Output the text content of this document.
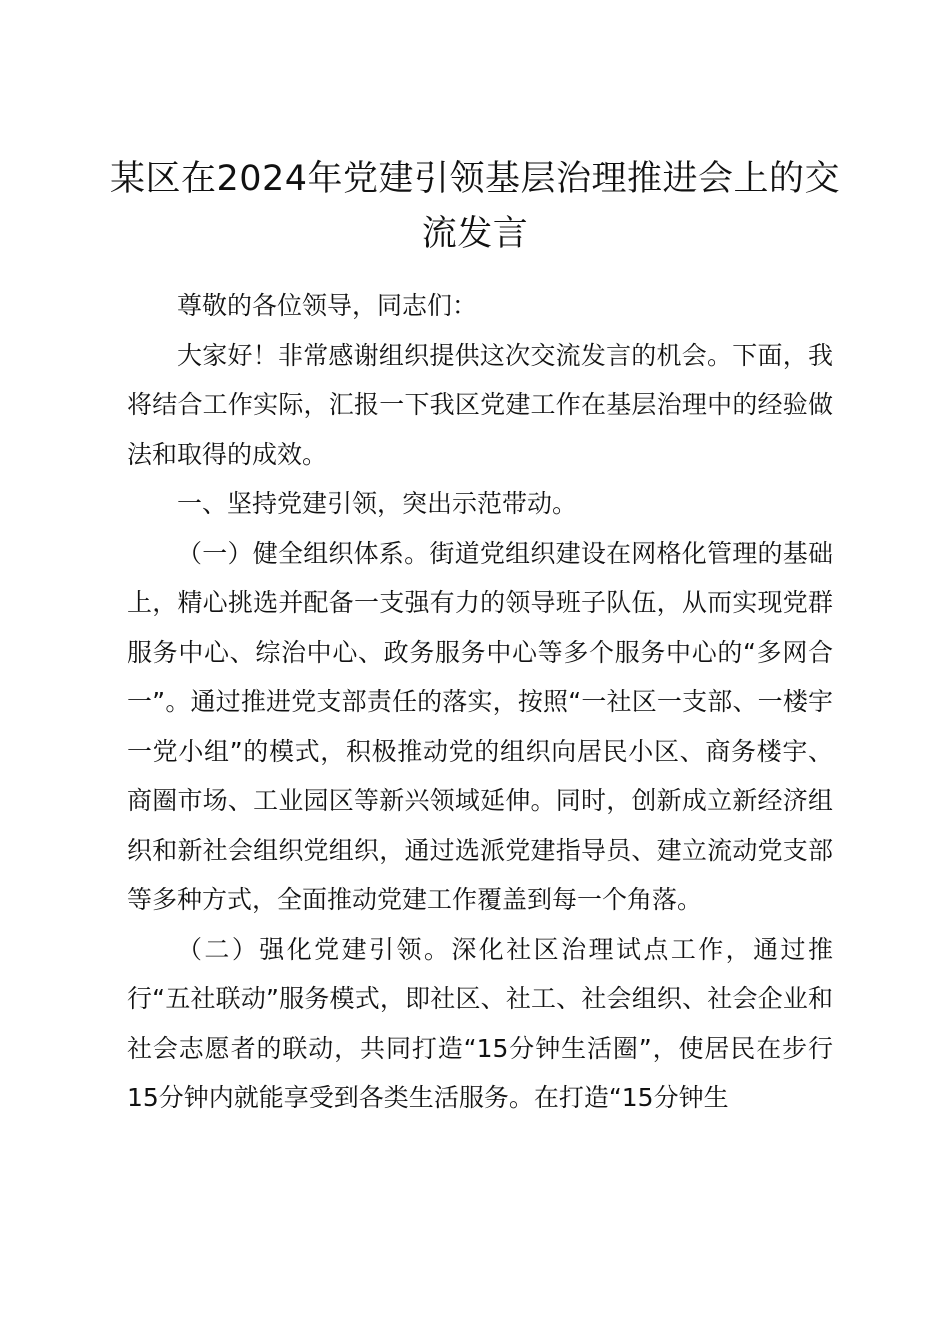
某区在2024年党建引领基层治理推进会上的交流发言

尊敬的各位领导，同志们：

大家好！非常感谢组织提供这次交流发言的机会。下面，我将结合工作实际，汇报一下我区党建工作在基层治理中的经验做法和取得的成效。

一、坚持党建引领，突出示范带动。

（一）健全组织体系。街道党组织建设在网格化管理的基础上，精心挑选并配备一支强有力的领导班子队伍，从而实现党群服务中心、综治中心、政务服务中心等多个服务中心的“多网合一”。通过推进党支部责任的落实，按照“一社区一支部、一楼宇一党小组”的模式，积极推动党的组织向居民小区、商务楼宇、商圈市场、工业园区等新兴领域延伸。同时，创新成立新经济组织和新社会组织党组织，通过选派党建指导员、建立流动党支部等多种方式，全面推动党建工作覆盖到每一个角落。

（二）强化党建引领。深化社区治理试点工作，通过推行“五社联动”服务模式，即社区、社工、社会组织、社会企业和社会志愿者的联动，共同打造“15分钟生活圈”，使居民在步行15分钟内就能享受到各类生活服务。在打造“15分钟生
